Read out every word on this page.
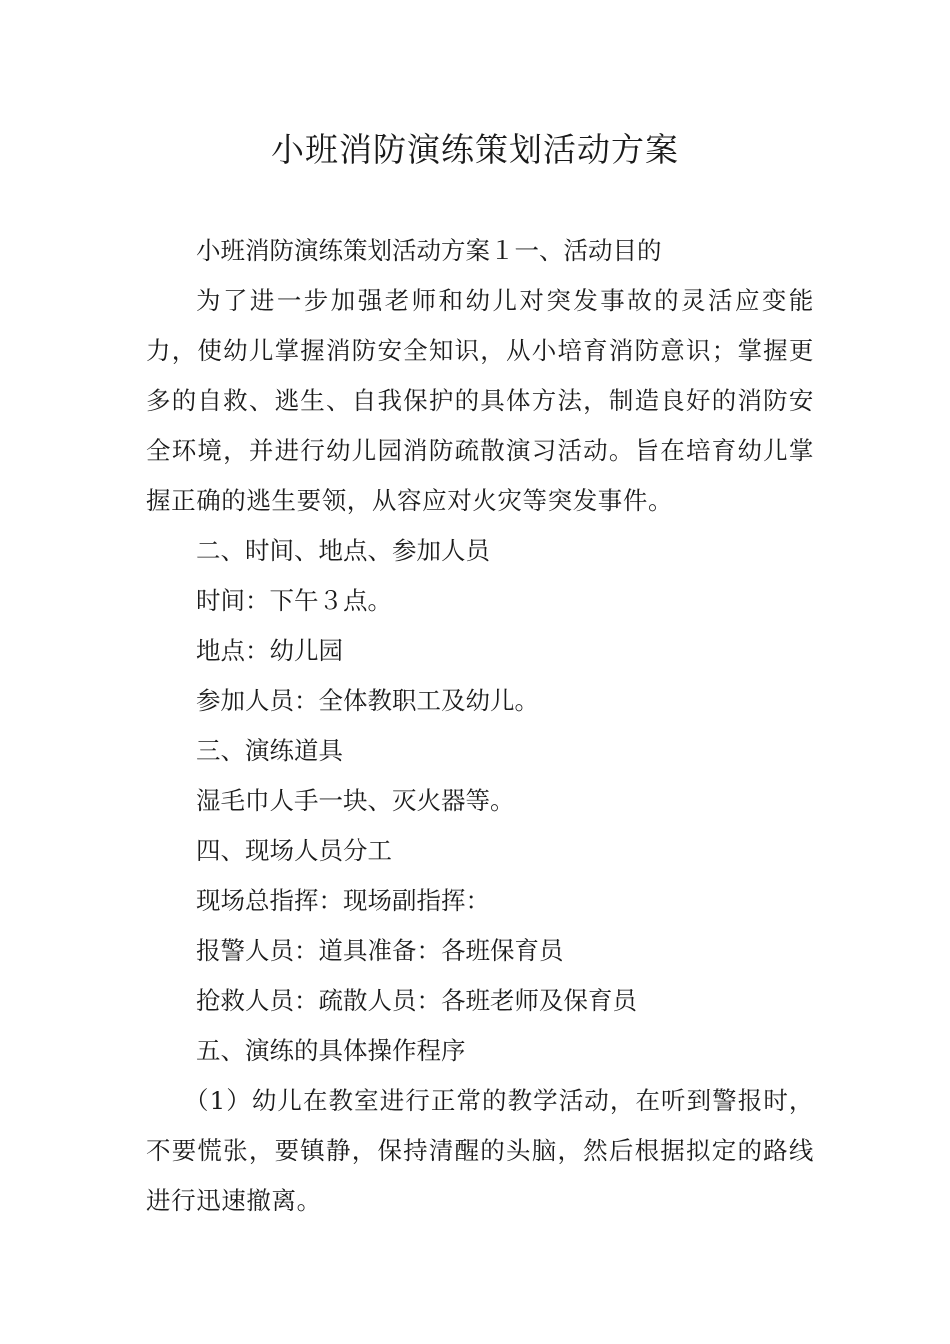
小班消防演练策划活动方案

小班消防演练策划活动方案１一、活动目的

为了进一步加强老师和幼儿对突发事故的灵活应变能力，使幼儿掌握消防安全知识，从小培育消防意识；掌握更多的自救、逃生、自我保护的具体方法，制造良好的消防安全环境，并进行幼儿园消防疏散演习活动。旨在培育幼儿掌握正确的逃生要领，从容应对火灾等突发事件。

二、时间、地点、参加人员

时间：下午３点。

地点：幼儿园

参加人员：全体教职工及幼儿。

三、演练道具

湿毛巾人手一块、灭火器等。

四、现场人员分工

现场总指挥：现场副指挥：

报警人员：道具准备：各班保育员

抢救人员：疏散人员：各班老师及保育员

五、演练的具体操作程序

（1）幼儿在教室进行正常的教学活动，在听到警报时，不要慌张，要镇静，保持清醒的头脑，然后根据拟定的路线进行迅速撤离。
